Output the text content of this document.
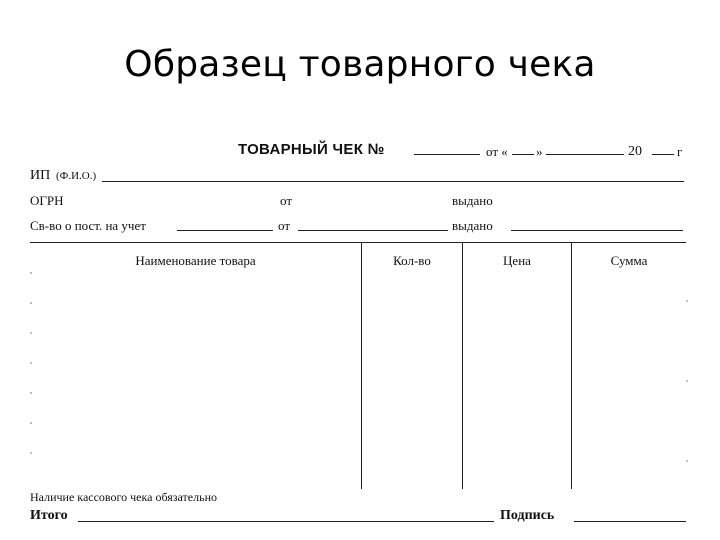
Образец товарного чека
ТОВАРНЫЙ ЧЕК №	от « »	20	г
ИП (Ф.И.О.)
ОГРН	от	выдано
Св-во о пост. на учет	от	выдано
Наименование товара	Кол-во	Цена	Сумма
Наличие кассового чека обязательно
Итого	Подпись
